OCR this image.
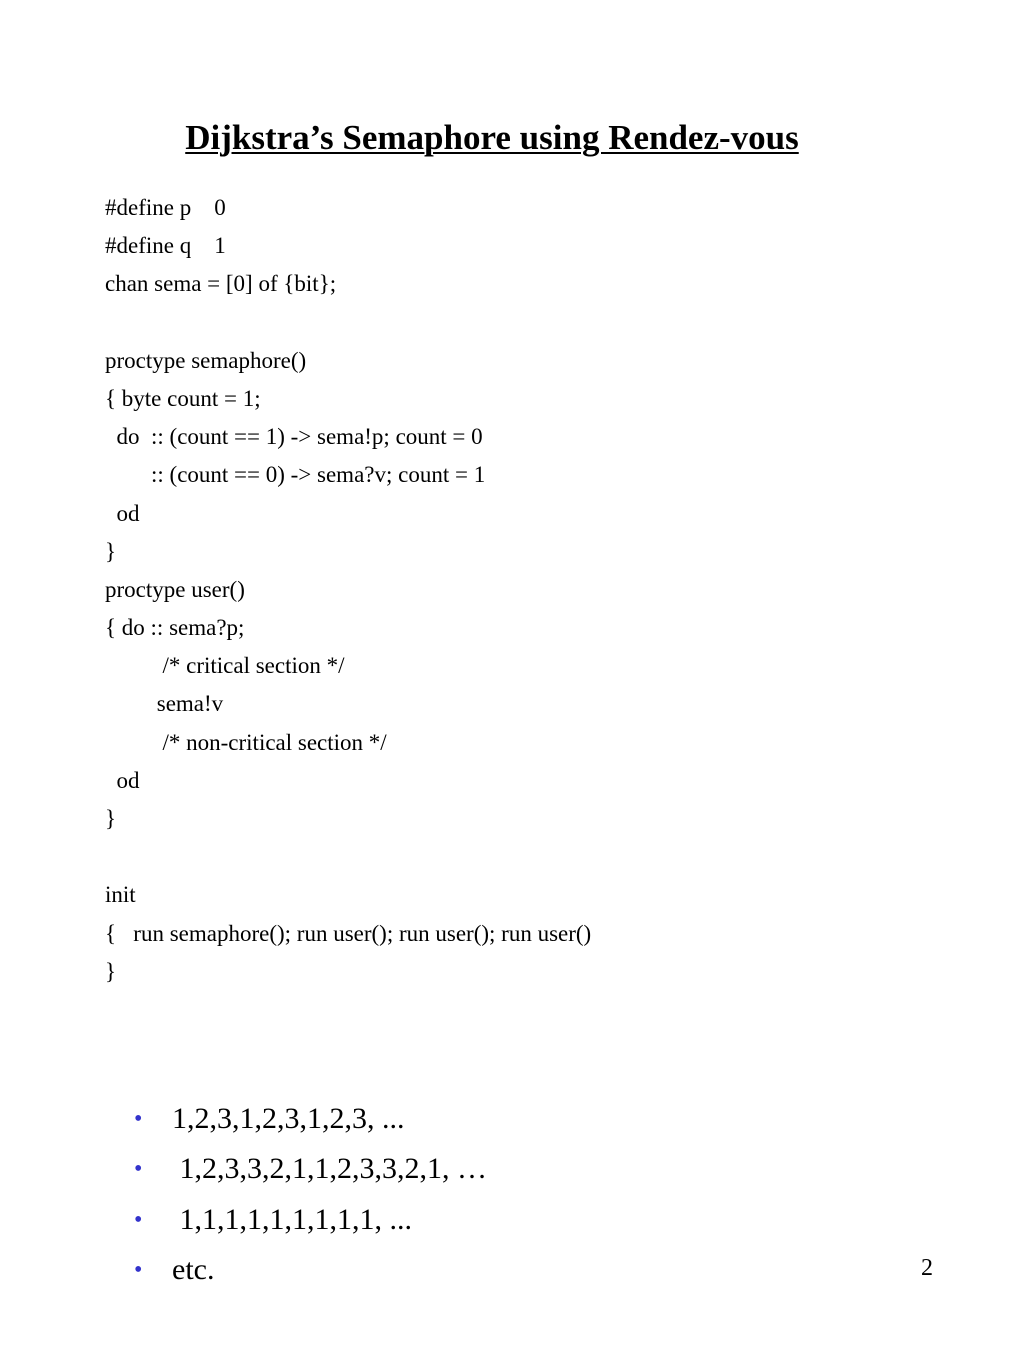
Dijkstra’s Semaphore using Rendez-vous
#define p    0
#define q    1
chan sema = [0] of {bit};
proctype semaphore()
{ byte count = 1;
do  :: (count == 1) -> sema!p; count = 0
:: (count == 0) -> sema?v; count = 1
od
}
proctype user()
{ do :: sema?p;
/* critical section */
sema!v
/* non-critical section */
od
}
init
{   run semaphore(); run user(); run user(); run user()
}

• 1,2,3,1,2,3,1,2,3, ...

• 1,2,3,3,2,1,1,2,3,3,2,1, …

• 1,1,1,1,1,1,1,1,1, ...

• etc.
	2
